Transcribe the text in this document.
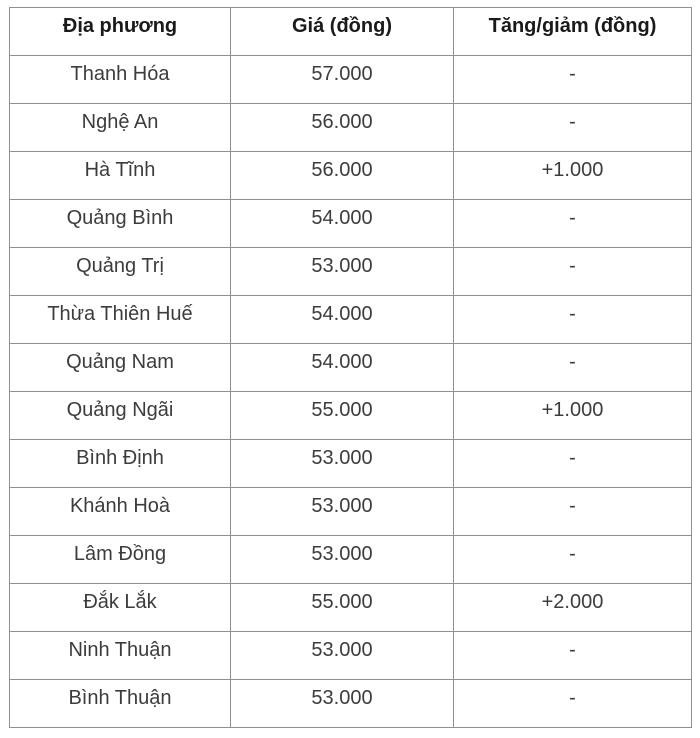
Địa phương	Giá (đồng)	Tăng/giảm (đồng)
Thanh Hóa	57.000	-
Nghệ An	56.000	-
Hà Tĩnh	56.000	+1.000
Quảng Bình	54.000	-
Quảng Trị	53.000	-
Thừa Thiên Huế	54.000	-
Quảng Nam	54.000	-
Quảng Ngãi	55.000	+1.000
Bình Định	53.000	-
Khánh Hoà	53.000	-
Lâm Đồng	53.000	-
Đắk Lắk	55.000	+2.000
Ninh Thuận	53.000	-
Bình Thuận	53.000	-
